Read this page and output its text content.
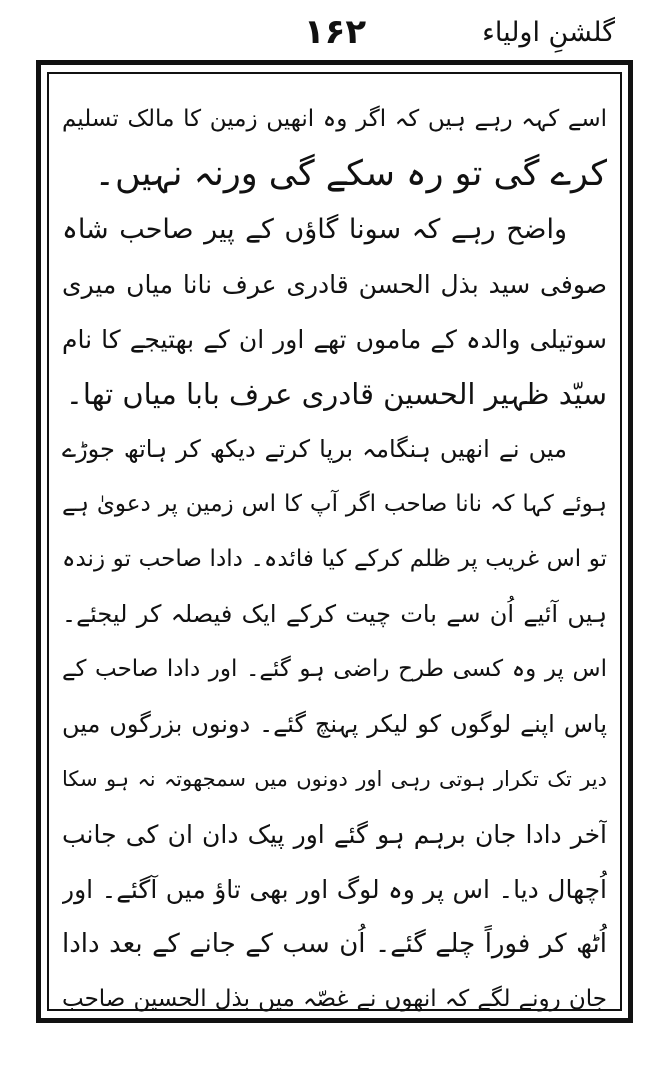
۱۶۲	گلشنِ اولیاء
اسے کہہ رہے ہیں کہ اگر وہ انھیں زمین کا مالک تسلیم
کرے گی تو رہ سکے گی ورنہ نہیں۔
واضح رہے کہ سونا گاؤں کے پیر صاحب شاہ
صوفی سید بذل الحسن قادری عرف نانا میاں میری
سوتیلی والدہ کے ماموں تھے اور ان کے بھتیجے کا نام
سیّد ظہیر الحسین قادری عرف بابا میاں تھا۔
میں نے انھیں ہنگامہ برپا کرتے دیکھ کر ہاتھ جوڑے
ہوئے کہا کہ نانا صاحب اگر آپ کا اس زمین پر دعویٰ ہے
تو اس غریب پر ظلم کرکے کیا فائدہ۔ دادا صاحب تو زندہ
ہیں آئیے اُن سے بات چیت کرکے ایک فیصلہ کر لیجئے۔
اس پر وہ کسی طرح راضی ہو گئے۔ اور دادا صاحب کے
پاس اپنے لوگوں کو لیکر پہنچ گئے۔ دونوں بزرگوں میں
دیر تک تکرار ہوتی رہی اور دونوں میں سمجھوتہ نہ ہو سکا
آخر دادا جان برہم ہو گئے اور پیک دان ان کی جانب
اُچھال دیا۔ اس پر وہ لوگ اور بھی تاؤ میں آگئے۔ اور
اُٹھ کر فوراً چلے گئے۔ اُن سب کے جانے کے بعد دادا
جان رونے لگے کہ انھوں نے غصّہ میں بذل الحسین صاحب
